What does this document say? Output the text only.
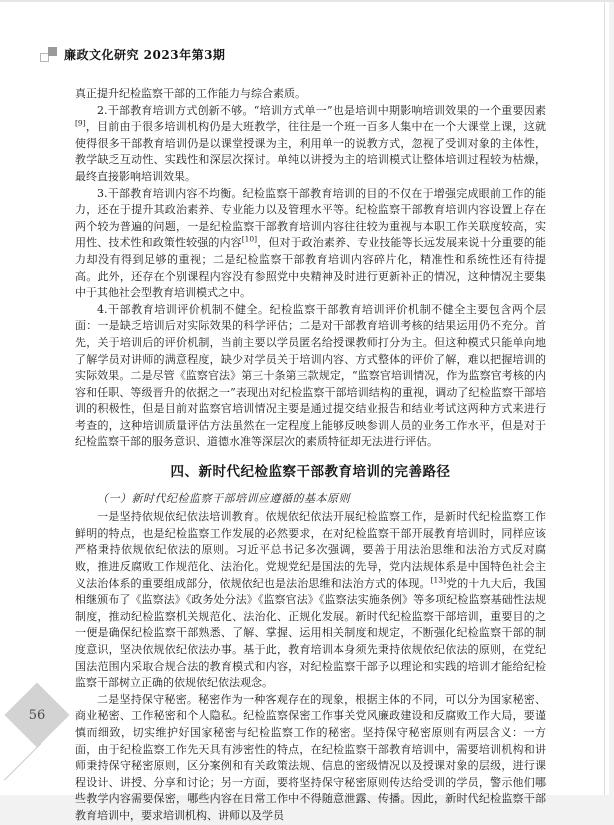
廉政文化研究 2023年第3期

真正提升纪检监察干部的工作能力与综合素质。

2.干部教育培训方式创新不够。“培训方式单一”也是培训中期影响培训效果的一个重要因素[9]，目前由于很多培训机构仍是大班教学，往往是一个班一百多人集中在一个大课堂上课，这就使得很多干部教育培训仍是以课堂授课为主，利用单一的说教方式，忽视了受训对象的主体性，教学缺乏互动性、实践性和深层次探讨。单纯以讲授为主的培训模式让整体培训过程较为枯燥，最终直接影响培训效果。

3.干部教育培训内容不均衡。纪检监察干部教育培训的目的不仅在于增强完成眼前工作的能力，还在于提升其政治素养、专业能力以及管理水平等。纪检监察干部教育培训内容设置上存在两个较为普遍的问题，一是纪检监察干部教育培训内容往往较为重视与本职工作关联度较高，实用性、技术性和政策性较强的内容[10]，但对于政治素养、专业技能等长远发展来说十分重要的能力却没有得到足够的重视；二是纪检监察干部教育培训内容碎片化，精准性和系统性还有待提高。此外，还存在个别课程内容没有参照党中央精神及时进行更新补正的情况，这种情况主要集中于其他社会型教育培训模式之中。

4.干部教育培训评价机制不健全。纪检监察干部教育培训评价机制不健全主要包含两个层面：一是缺乏培训后对实际效果的科学评估；二是对干部教育培训考核的结果运用仍不充分。首先，关于培训后的评价机制，当前主要以学员匿名给授课教师打分为主。但这种模式只能单向地了解学员对讲师的满意程度，缺少对学员关于培训内容、方式整体的评价了解，难以把握培训的实际效果。二是尽管《监察官法》第三十条第三款规定，“监察官培训情况，作为监察官考核的内容和任职、等级晋升的依据之一”表现出对纪检监察干部培训结构的重视，调动了纪检监察干部培训的积极性，但是目前对监察官培训情况主要是通过提交结业报告和结业考试这两种方式来进行考查的，这种培训质量评估方法虽然在一定程度上能够反映参训人员的业务工作水平，但是对于纪检监察干部的服务意识、道德水准等深层次的素质特征却无法进行评估。

四、新时代纪检监察干部教育培训的完善路径
（一）新时代纪检监察干部培训应遵循的基本原则

一是坚持依规依纪依法培训教育。依规依纪依法开展纪检监察工作，是新时代纪检监察工作鲜明的特点，也是纪检监察工作发展的必然要求，在对纪检监察干部开展教育培训时，同样应该严格秉持依规依纪依法的原则。习近平总书记多次强调，要善于用法治思维和法治方式反对腐败，推进反腐败工作规范化、法治化。党规党纪是国法的先导，党内法规体系是中国特色社会主义法治体系的重要组成部分，依规依纪也是法治思维和法治方式的体现。[13]党的十九大后，我国相继颁布了《监察法》《政务处分法》《监察官法》《监察法实施条例》等多项纪检监察基础性法规制度，推动纪检监察机关规范化、法治化、正规化发展。新时代纪检监察干部培训，重要目的之一便是确保纪检监察干部熟悉、了解、掌握、运用相关制度和规定，不断强化纪检监察干部的制度意识，坚决依规依纪依法办事。基于此，教育培训本身须先秉持依规依纪依法的原则，在党纪国法范围内采取合规合法的教育模式和内容，对纪检监察干部予以理论和实践的培训才能给纪检监察干部树立正确的依规依纪依法观念。

二是坚持保守秘密。秘密作为一种客观存在的现象，根据主体的不同，可以分为国家秘密、商业秘密、工作秘密和个人隐私。纪检监察保密工作事关党风廉政建设和反腐败工作大局，要谨慎而细致，切实维护好国家秘密与纪检监察工作的秘密。坚持保守秘密原则有两层含义：一方面，由于纪检监察工作先天具有涉密性的特点，在纪检监察干部教育培训中，需要培训机构和讲师秉持保守秘密原则，区分案例和有关政策法规、信息的密级情况以及授课对象的层级，进行课程设计、讲授、分享和讨论；另一方面，要将坚持保守秘密原则传达给受训的学员，警示他们哪些教学内容需要保密，哪些内容在日常工作中不得随意泄露、传播。因此，新时代纪检监察干部教育培训中，要求培训机构、讲师以及学员

56
